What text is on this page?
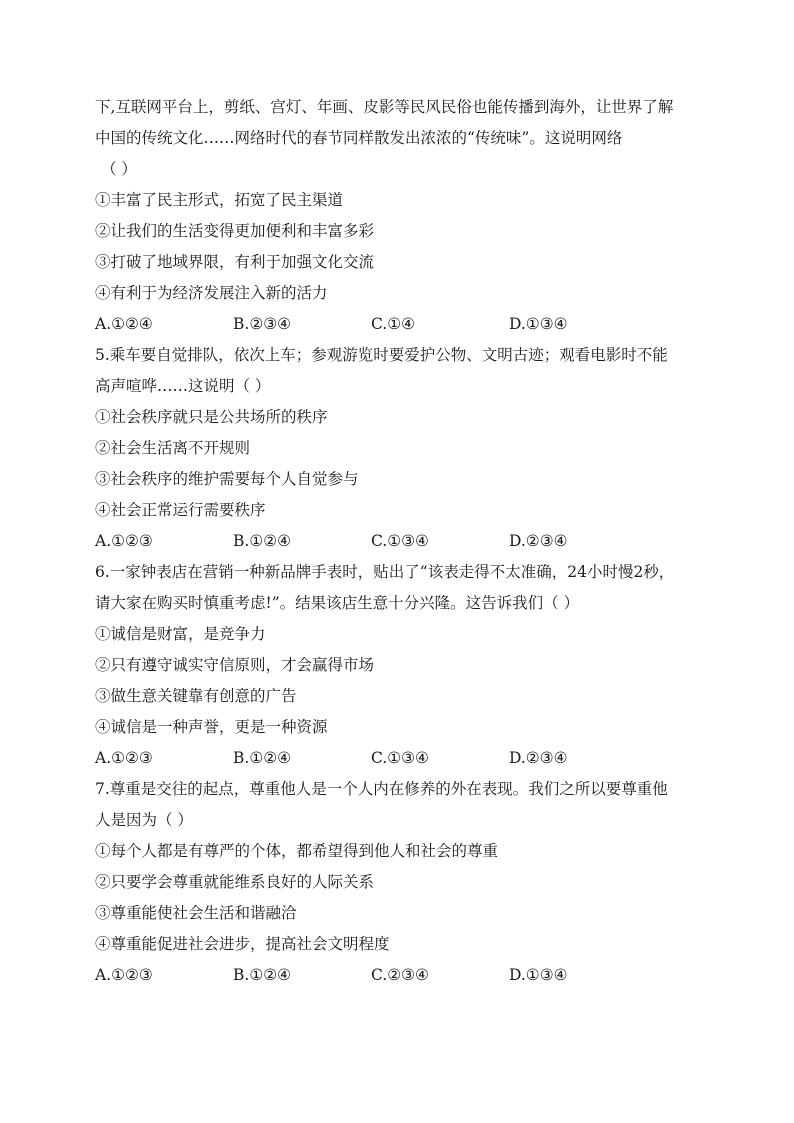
下,互联网平台上，剪纸、宫灯、年画、皮影等民风民俗也能传播到海外，让世界了解
中国的传统文化……网络时代的春节同样散发出浓浓的“传统味”。这说明网络
（ ）
①丰富了民主形式，拓宽了民主渠道
②让我们的生活变得更加便利和丰富多彩
③打破了地域界限，有利于加强文化交流
④有利于为经济发展注入新的活力
A.①②④	B.②③④	C.①④	D.①③④
5.乘车要自觉排队，依次上车；参观游览时要爱护公物、文明古迹；观看电影时不能
高声喧哗……这说明（ ）
①社会秩序就只是公共场所的秩序
②社会生活离不开规则
③社会秩序的维护需要每个人自觉参与
④社会正常运行需要秩序
A.①②③	B.①②④	C.①③④	D.②③④
6.一家钟表店在营销一种新品牌手表时，贴出了“该表走得不太准确，24小时慢2秒，
请大家在购买时慎重考虑!”。结果该店生意十分兴隆。这告诉我们（ ）
①诚信是财富，是竞争力
②只有遵守诚实守信原则，才会赢得市场
③做生意关键靠有创意的广告
④诚信是一种声誉，更是一种资源
A.①②③	B.①②④	C.①③④	D.②③④
7.尊重是交往的起点，尊重他人是一个人内在修养的外在表现。我们之所以要尊重他
人是因为（ ）
①每个人都是有尊严的个体，都希望得到他人和社会的尊重
②只要学会尊重就能维系良好的人际关系
③尊重能使社会生活和谐融洽
④尊重能促进社会进步，提高社会文明程度
A.①②③	B.①②④	C.②③④	D.①③④
